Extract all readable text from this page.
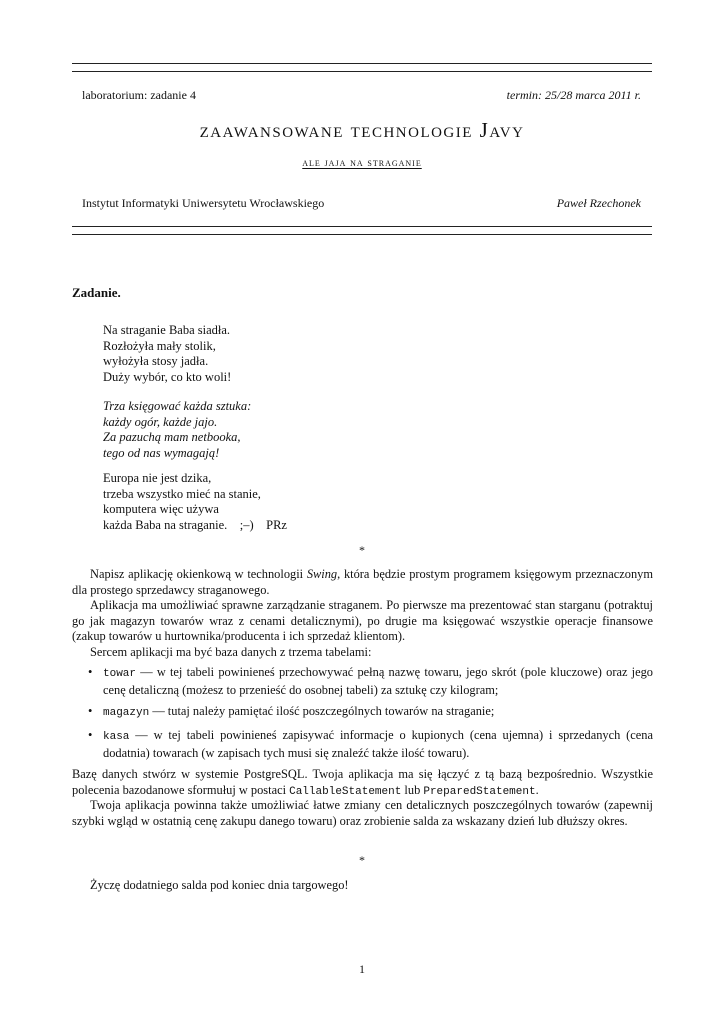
laboratorium: zadanie 4	termin: 25/28 marca 2011 r.
zaawansowane technologie Javy
ale jaja na straganie
Instytut Informatyki Uniwersytetu Wrocławskiego	Paweł Rzechonek
Zadanie.
Na straganie Baba siadła.
Rozłożyła mały stolik,
wyłożyła stosy jadła.
Duży wybór, co kto woli!
Trza księgować każda sztuka:
każdy ogór, każde jajo.
Za pazuchą mam netbooka,
tego od nas wymagają!
Europa nie jest dzika,
trzeba wszystko mieć na stanie,
komputera więc używa
każda Baba na straganie.    ;–)    PRz
*
Napisz aplikację okienkową w technologii Swing, która będzie prostym programem księgowym przeznaczonym dla prostego sprzedawcy straganowego.
Aplikacja ma umożliwiać sprawne zarządzanie straganem. Po pierwsze ma prezentować stan starganu (potraktuj go jak magazyn towarów wraz z cenami detalicznymi), po drugie ma księgować wszystkie operacje finansowe (zakup towarów u hurtownika/producenta i ich sprzedaż klientom).
Sercem aplikacji ma być baza danych z trzema tabelami:
• towar — w tej tabeli powinieneś przechowywać pełną nazwę towaru, jego skrót (pole kluczowe) oraz jego cenę detaliczną (możesz to przenieść do osobnej tabeli) za sztukę czy kilogram;
• magazyn — tutaj należy pamiętać ilość poszczególnych towarów na straganie;
• kasa — w tej tabeli powinieneś zapisywać informacje o kupionych (cena ujemna) i sprzedanych (cena dodatnia) towarach (w zapisach tych musi się znaleźć także ilość towaru).
Bazę danych stwórz w systemie PostgreSQL. Twoja aplikacja ma się łączyć z tą bazą bezpośrednio. Wszystkie polecenia bazodanowe sformułuj w postaci CallableStatement lub PreparedStatement.
Twoja aplikacja powinna także umożliwiać łatwe zmiany cen detalicznych poszczególnych towarów (zapewnij szybki wgląd w ostatnią cenę zakupu danego towaru) oraz zrobienie salda za wskazany dzień lub dłuższy okres.
*
Życzę dodatniego salda pod koniec dnia targowego!
1
